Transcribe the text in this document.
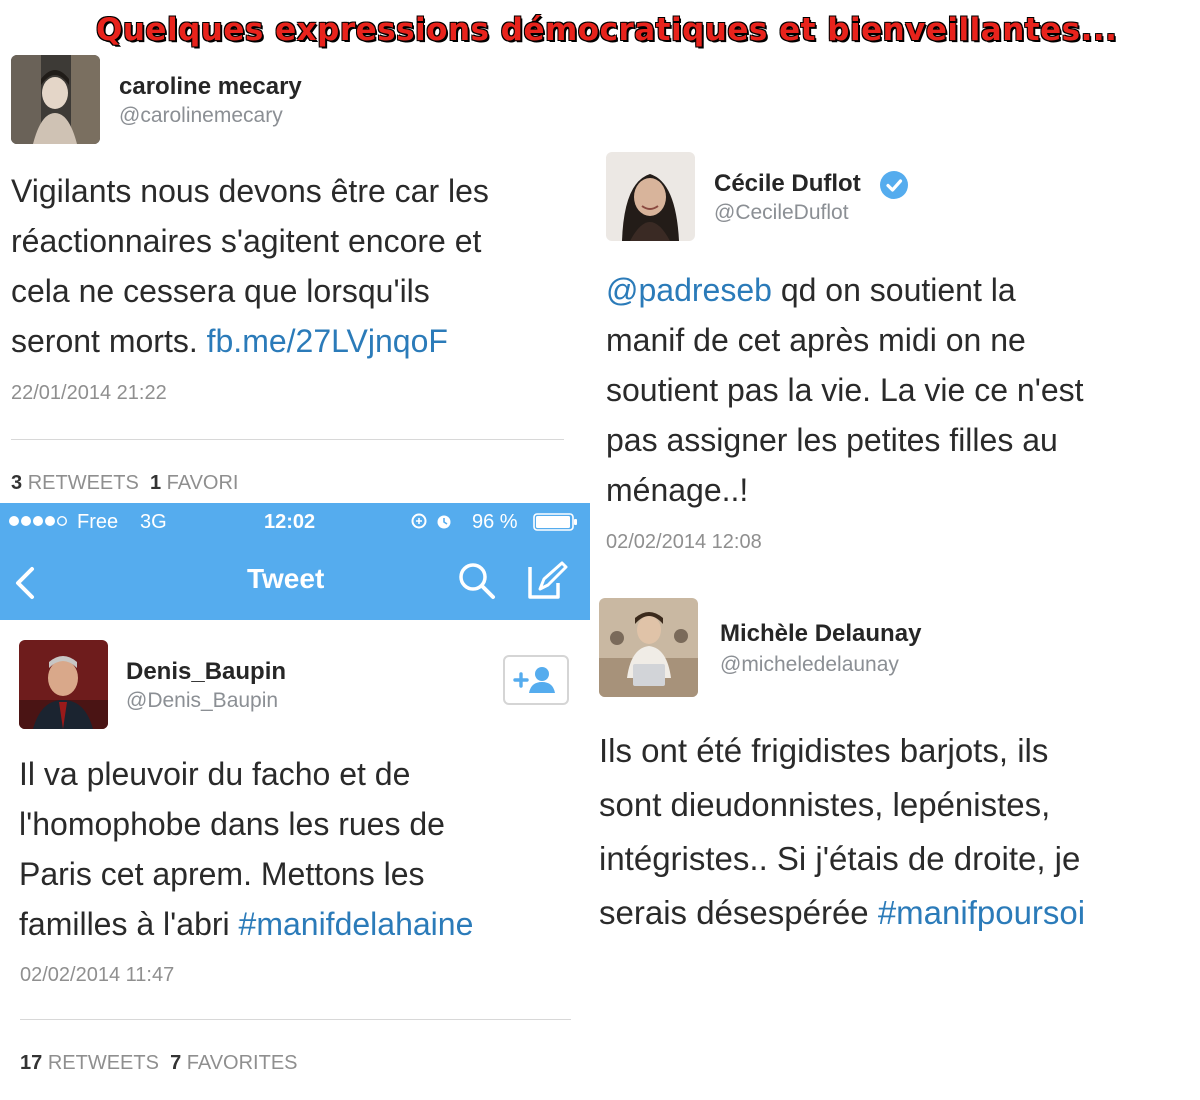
Quelques expressions démocratiques et bienveillantes...
caroline mecary
@carolinemecary
Vigilants nous devons être car les
réactionnaires s'agitent encore et
cela ne cessera que lorsqu'ils
seront morts. fb.me/27LVjnqoF
22/01/2014 21:22
3 RETWEETS 1 FAVORI
Cécile Duflot
@CecileDuflot
@padreseb qd on soutient la
manif de cet après midi on ne
soutient pas la vie. La vie ce n'est
pas assigner les petites filles au
ménage..!
02/02/2014 12:08
Free 3G	12:02	96 %
Tweet
Denis_Baupin
@Denis_Baupin
Il va pleuvoir du facho et de
l'homophobe dans les rues de
Paris cet aprem. Mettons les
familles à l'abri #manifdelahaine
02/02/2014 11:47
17 RETWEETS 7 FAVORITES
Michèle Delaunay
@micheledelaunay
Ils ont été frigidistes barjots, ils
sont dieudonnistes, lepénistes,
intégristes.. Si j'étais de droite, je
serais désespérée #manifpoursoi
